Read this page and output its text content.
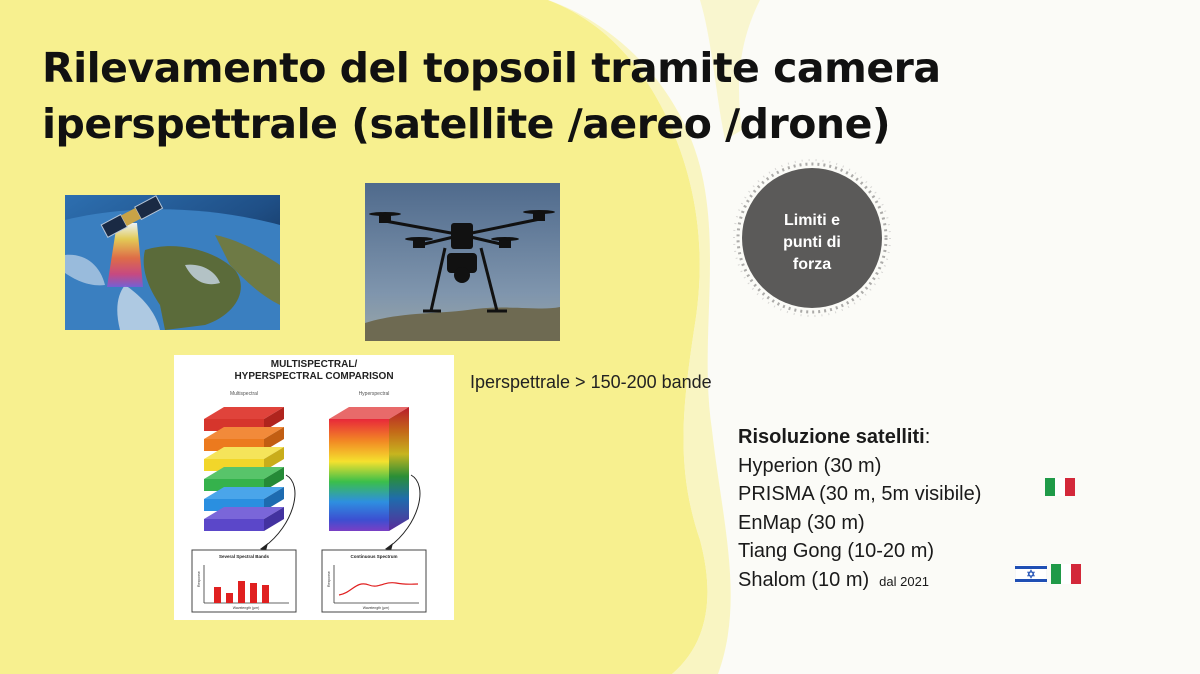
Rilevamento del topsoil tramite camera
iperspettrale (satellite /aereo /drone)
MULTISPECTRAL/
HYPERSPECTRAL COMPARISON
Multispectral	Hyperspectral
Several Spectral Bands	Continuous Spectrum
Response	Response
Wavelength (μm)	Wavelength (μm)
Limiti e
punti di
forza
Iperspettrale > 150-200 bande
Risoluzione satelliti:
Hyperion (30 m)
PRISMA (30 m, 5m visibile)
EnMap (30 m)
Tiang Gong (10-20 m)
Shalom (10 m) dal 2021
